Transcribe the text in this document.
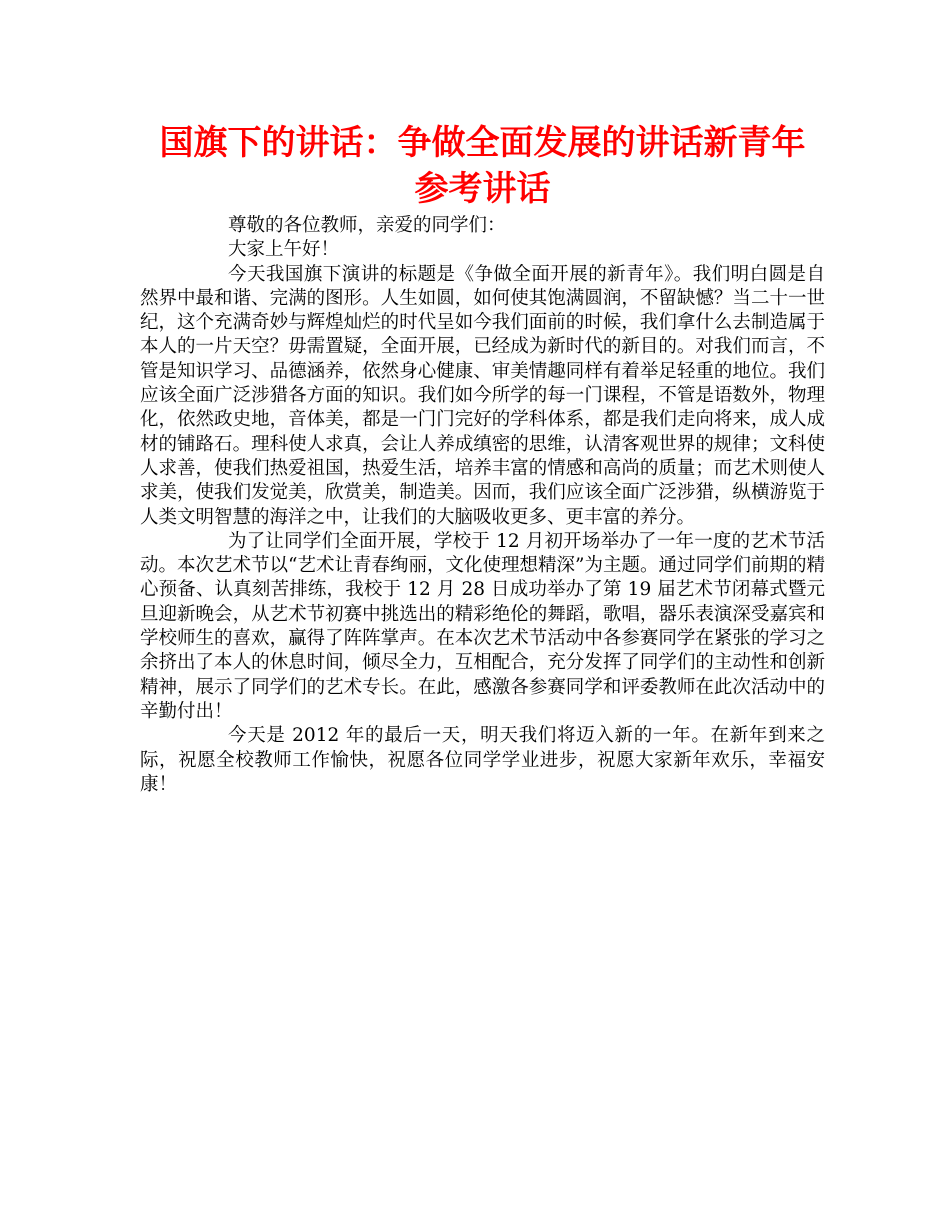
国旗下的讲话：争做全面发展的讲话新青年参考讲话

尊敬的各位教师，亲爱的同学们：

大家上午好！

今天我国旗下演讲的标题是《争做全面开展的新青年》。我们明白圆是自然界中最和谐、完满的图形。人生如圆，如何使其饱满圆润，不留缺憾？当二十一世纪，这个充满奇妙与辉煌灿烂的时代呈如今我们面前的时候，我们拿什么去制造属于本人的一片天空？毋需置疑，全面开展，已经成为新时代的新目的。对我们而言，不管是知识学习、品德涵养，依然身心健康、审美情趣同样有着举足轻重的地位。我们应该全面广泛涉猎各方面的知识。我们如今所学的每一门课程，不管是语数外，物理化，依然政史地，音体美，都是一门门完好的学科体系，都是我们走向将来，成人成材的铺路石。理科使人求真，会让人养成缜密的思维，认清客观世界的规律；文科使人求善，使我们热爱祖国，热爱生活，培养丰富的情感和高尚的质量；而艺术则使人求美，使我们发觉美，欣赏美，制造美。因而，我们应该全面广泛涉猎，纵横游览于人类文明智慧的海洋之中，让我们的大脑吸收更多、更丰富的养分。

为了让同学们全面开展，学校于 12 月初开场举办了一年一度的艺术节活动。本次艺术节以“艺术让青春绚丽，文化使理想精深”为主题。通过同学们前期的精心预备、认真刻苦排练，我校于 12 月 28 日成功举办了第 19 届艺术节闭幕式暨元旦迎新晚会，从艺术节初赛中挑选出的精彩绝伦的舞蹈，歌唱，器乐表演深受嘉宾和学校师生的喜欢，赢得了阵阵掌声。在本次艺术节活动中各参赛同学在紧张的学习之余挤出了本人的休息时间，倾尽全力，互相配合，充分发挥了同学们的主动性和创新精神，展示了同学们的艺术专长。在此，感激各参赛同学和评委教师在此次活动中的辛勤付出！

今天是 2012 年的最后一天，明天我们将迈入新的一年。在新年到来之际，祝愿全校教师工作愉快，祝愿各位同学学业进步，祝愿大家新年欢乐，幸福安康！
